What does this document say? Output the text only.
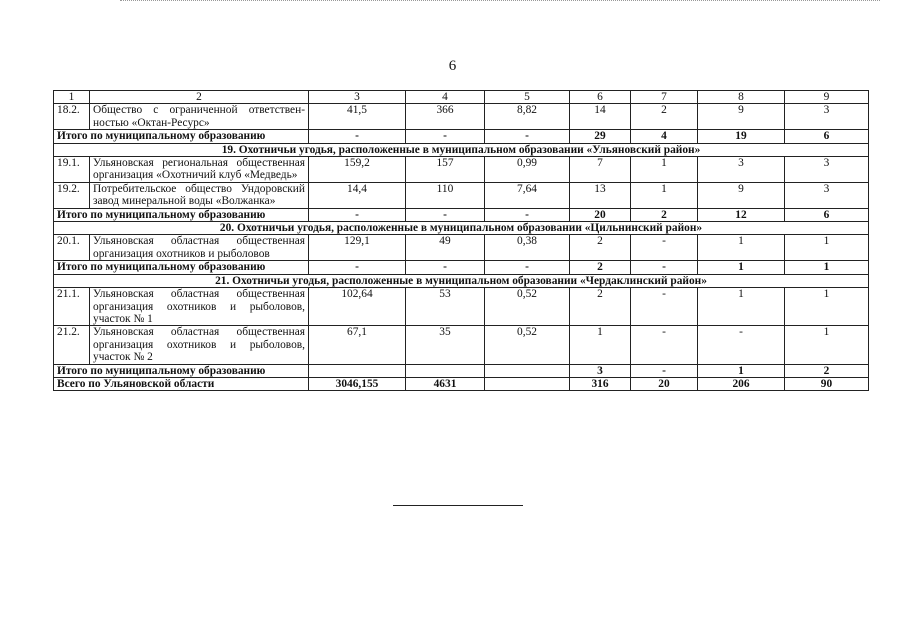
6
1	2	3	4	5	6	7	8	9
18.2.	Общество с ограниченной ответствен-ностью «Октан-Ресурс»	41,5	366	8,82	14	2	9	3
Итого по муниципальному образованию		-	-	-	29	4	19	6
19. Охотничьи угодья, расположенные в муниципальном образовании «Ульяновский район»								
19.1.	Ульяновская региональная общественная организация «Охотничий клуб «Медведь»	159,2	157	0,99	7	1	3	3
19.2.	Потребительское общество Ундоровский завод минеральной воды «Волжанка»	14,4	110	7,64	13	1	9	3
Итого по муниципальному образованию		-	-	-	20	2	12	6
20. Охотничьи угодья, расположенные в муниципальном образовании «Цильнинский район»								
20.1.	Ульяновская областная общественная организация охотников и рыболовов	129,1	49	0,38	2	-	1	1
Итого по муниципальному образованию		-	-	-	2	-	1	1
21. Охотничьи угодья, расположенные в муниципальном образовании «Чердаклинский район»								
21.1.	Ульяновская областная общественная организация охотников и рыболовов, участок № 1	102,64	53	0,52	2	-	1	1
21.2.	Ульяновская областная общественная организация охотников и рыболовов, участок № 2	67,1	35	0,52	1	-	-	1
Итого по муниципальному образованию					3	-	1	2
Всего по Ульяновской области		3046,155	4631		316	20	206	90
